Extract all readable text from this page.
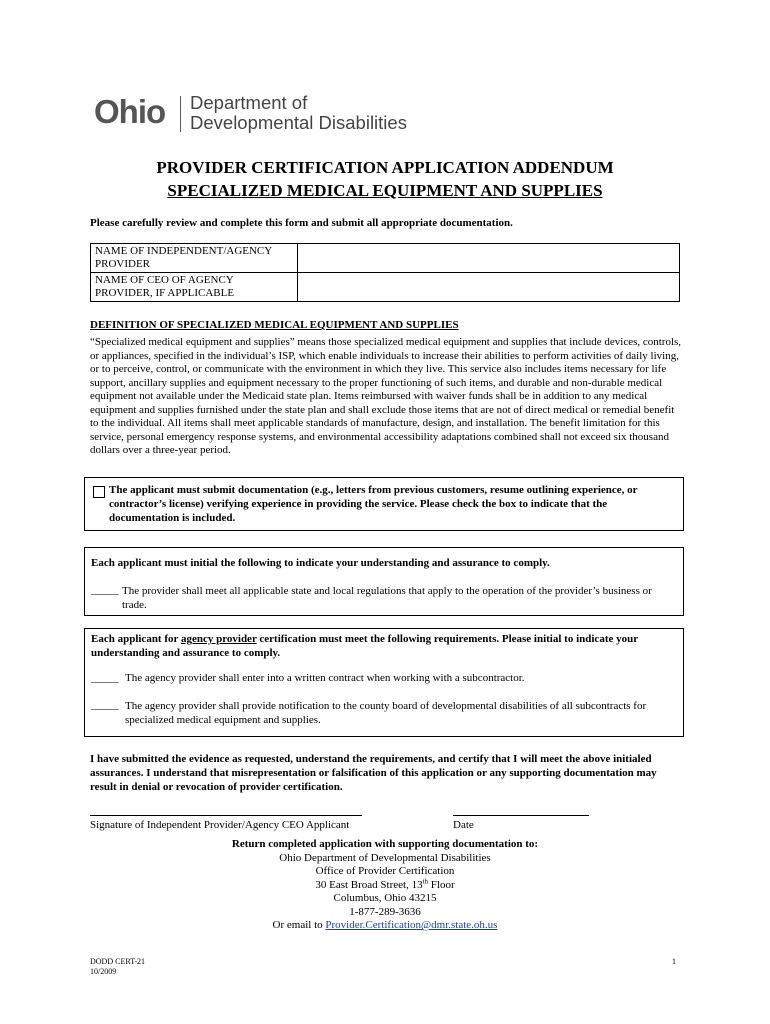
Ohio Department of
Developmental Disabilities
PROVIDER CERTIFICATION APPLICATION ADDENDUM
SPECIALIZED MEDICAL EQUIPMENT AND SUPPLIES
Please carefully review and complete this form and submit all appropriate documentation.
NAME OF INDEPENDENT/AGENCY PROVIDER	
NAME OF CEO OF AGENCY PROVIDER, IF APPLICABLE	
DEFINITION OF SPECIALIZED MEDICAL EQUIPMENT AND SUPPLIES
“Specialized medical equipment and supplies” means those specialized medical equipment and supplies that include devices, controls, or appliances, specified in the individual’s ISP, which enable individuals to increase their abilities to perform activities of daily living, or to perceive, control, or communicate with the environment in which they live. This service also includes items necessary for life support, ancillary supplies and equipment necessary to the proper functioning of such items, and durable and non-durable medical equipment not available under the Medicaid state plan. Items reimbursed with waiver funds shall be in addition to any medical equipment and supplies furnished under the state plan and shall exclude those items that are not of direct medical or remedial benefit to the individual. All items shall meet applicable standards of manufacture, design, and installation. The benefit limitation for this service, personal emergency response systems, and environmental accessibility adaptations combined shall not exceed six thousand dollars over a three-year period.
The applicant must submit documentation (e.g., letters from previous customers, resume outlining experience, or contractor’s license) verifying experience in providing the service. Please check the box to indicate that the documentation is included.
Each applicant must initial the following to indicate your understanding and assurance to comply.
_____ The provider shall meet all applicable state and local regulations that apply to the operation of the provider’s business or trade.
Each applicant for agency provider certification must meet the following requirements. Please initial to indicate your understanding and assurance to comply.
_____ The agency provider shall enter into a written contract when working with a subcontractor.
_____ The agency provider shall provide notification to the county board of developmental disabilities of all subcontracts for specialized medical equipment and supplies.
I have submitted the evidence as requested, understand the requirements, and certify that I will meet the above initialed assurances. I understand that misrepresentation or falsification of this application or any supporting documentation may result in denial or revocation of provider certification.
Signature of Independent Provider/Agency CEO Applicant	Date
Return completed application with supporting documentation to:
Ohio Department of Developmental Disabilities
Office of Provider Certification
30 East Broad Street, 13th Floor
Columbus, Ohio 43215
1-877-289-3636
Or email to Provider.Certification@dmr.state.oh.us
DODD CERT-21
10/2009
1
